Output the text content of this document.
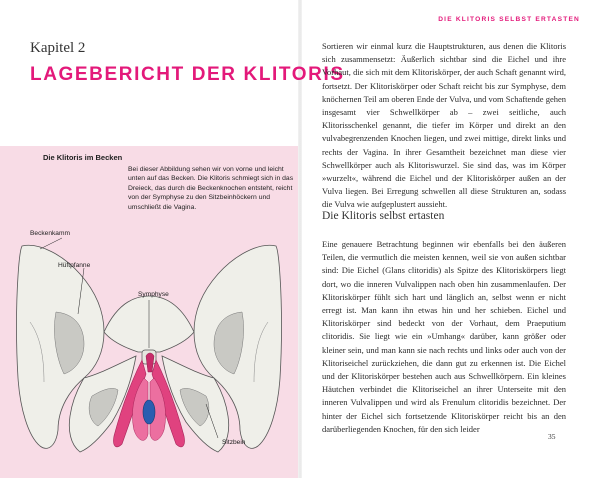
Kapitel 2
LAGEBERICHT DER KLITORIS
Die Klitoris im Becken

Bei dieser Abbildung sehen wir von vorne und leicht unten auf das Becken. Die Klitoris schmiegt sich in das Dreieck, das durch die Beckenknochen entsteht, reicht von der Symphyse zu den Sitzbeinhöckern und umschließt die Vagina.

Beckenkamm
Hüftpfanne
Symphyse
Sitzbein
DIE KLITORIS SELBST ERTASTEN

Sortieren wir einmal kurz die Hauptstrukturen, aus denen die Klitoris sich zusammensetzt: Äußerlich sichtbar sind die Eichel und ihre Vorhaut, die sich mit dem Klitoriskörper, der auch Schaft genannt wird, fortsetzt. Der Klitoriskörper oder Schaft reicht bis zur Symphyse, dem knöchernen Teil am oberen Ende der Vulva, und vom Schaftende gehen insgesamt vier Schwellkörper ab – zwei seitliche, auch Klitorisschenkel genannt, die tiefer im Körper und direkt an den vulvabegrenzenden Knochen liegen, und zwei mittige, direkt links und rechts der Vagina. In ihrer Gesamtheit bezeichnet man diese vier Schwellkörper auch als Klitoriswurzel. Sie sind das, was im Körper »wurzelt«, während die Eichel und der Klitoriskörper außen an der Vulva liegen. Bei Erregung schwellen all diese Strukturen an, sodass die Vulva wie aufgeplustert aussieht.

Die Klitoris selbst ertasten

Eine genauere Betrachtung beginnen wir ebenfalls bei den äußeren Teilen, die vermutlich die meisten kennen, weil sie von außen sichtbar sind: Die Eichel (Glans clitoridis) als Spitze des Klitoriskörpers liegt dort, wo die inneren Vulvalippen nach oben hin zusammenlaufen. Der Klitoriskörper fühlt sich hart und länglich an, selbst wenn er nicht erregt ist. Man kann ihn etwas hin und her schieben. Eichel und Klitoriskörper sind bedeckt von der Vorhaut, dem Praeputium clitoridis. Sie liegt wie ein »Umhang« darüber, kann größer oder kleiner sein, und man kann sie nach rechts und links oder auch von der Klitoriseichel zurückziehen, die dann gut zu erkennen ist. Die Eichel und der Klitoriskörper bestehen auch aus Schwellkörpern. Ein kleines Häutchen verbindet die Klitoriseichel an ihrer Unterseite mit den inneren Vulvalippen und wird als Frenulum clitoridis bezeichnet. Der hinter der Eichel sich fortsetzende Klitoriskörper reicht bis an den darüberliegenden Knochen, für den sich leider

35
